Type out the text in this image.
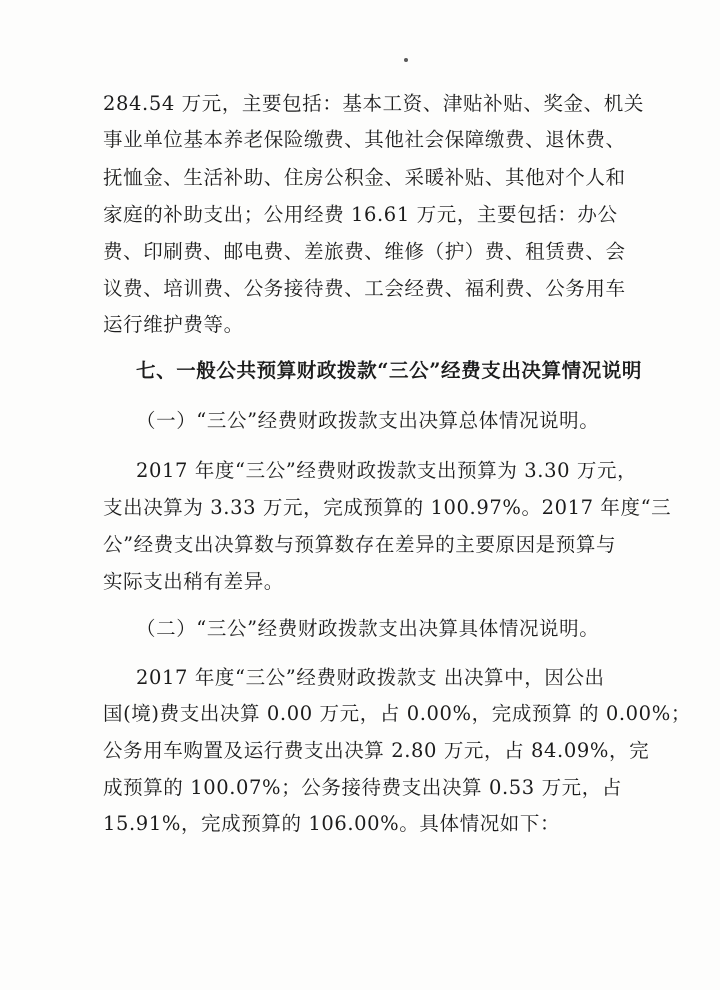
284.54 万元，主要包括：基本工资、津贴补贴、奖金、机关
事业单位基本养老保险缴费、其他社会保障缴费、退休费、
抚恤金、生活补助、住房公积金、采暖补贴、其他对个人和
家庭的补助支出；公用经费 16.61 万元，主要包括：办公
费、印刷费、邮电费、差旅费、维修（护）费、租赁费、会
议费、培训费、公务接待费、工会经费、福利费、公务用车
运行维护费等。
七、一般公共预算财政拨款“三公”经费支出决算情况说明
（一）“三公”经费财政拨款支出决算总体情况说明。
2017 年度“三公”经费财政拨款支出预算为 3.30 万元，
支出决算为 3.33 万元，完成预算的 100.97%。2017 年度“三
公”经费支出决算数与预算数存在差异的主要原因是预算与
实际支出稍有差异。
（二）“三公”经费财政拨款支出决算具体情况说明。
2017 年度“三公”经费财政拨款支 出决算中，因公出
国(境)费支出决算 0.00 万元，占 0.00%，完成预算 的 0.00%；
公务用车购置及运行费支出决算 2.80 万元，占 84.09%，完
成预算的 100.07%；公务接待费支出决算 0.53 万元，占
15.91%，完成预算的 106.00%。具体情况如下：
